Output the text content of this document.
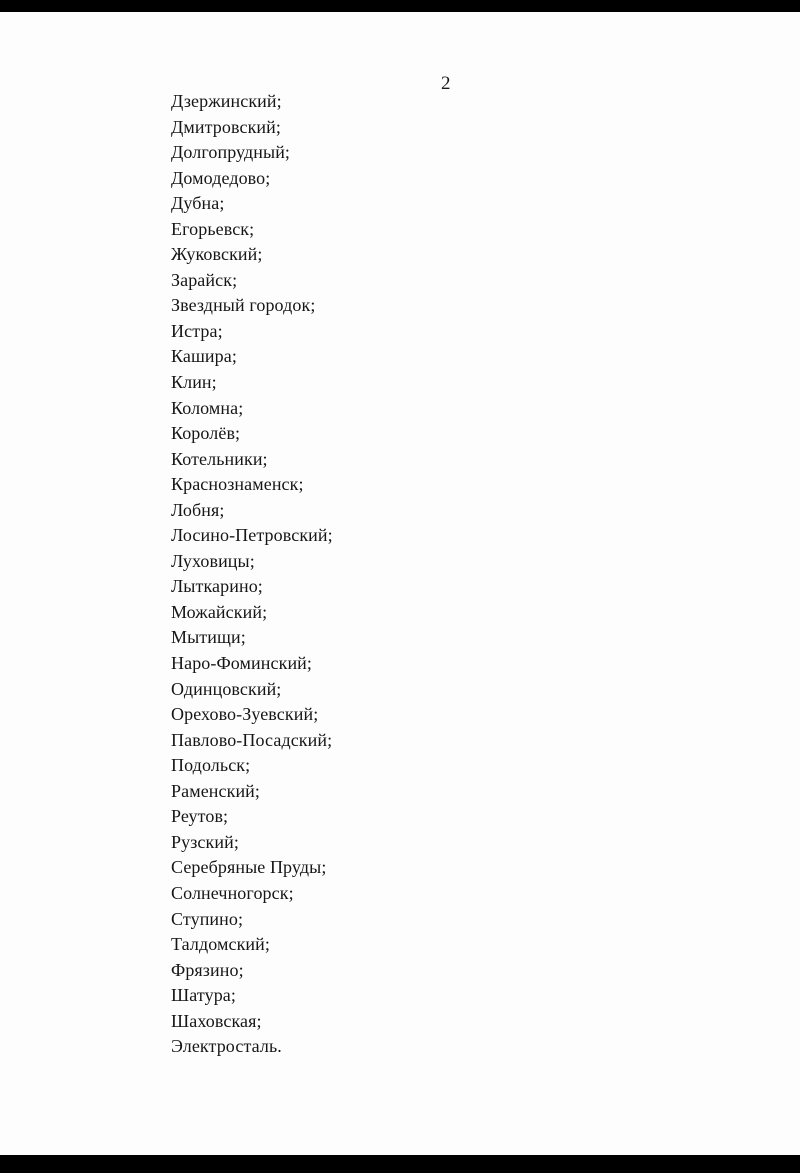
2
Дзержинский;
Дмитровский;
Долгопрудный;
Домодедово;
Дубна;
Егорьевск;
Жуковский;
Зарайск;
Звездный городок;
Истра;
Кашира;
Клин;
Коломна;
Королёв;
Котельники;
Краснознаменск;
Лобня;
Лосино-Петровский;
Луховицы;
Лыткарино;
Можайский;
Мытищи;
Наро-Фоминский;
Одинцовский;
Орехово-Зуевский;
Павлово-Посадский;
Подольск;
Раменский;
Реутов;
Рузский;
Серебряные Пруды;
Солнечногорск;
Ступино;
Талдомский;
Фрязино;
Шатура;
Шаховская;
Электросталь.
